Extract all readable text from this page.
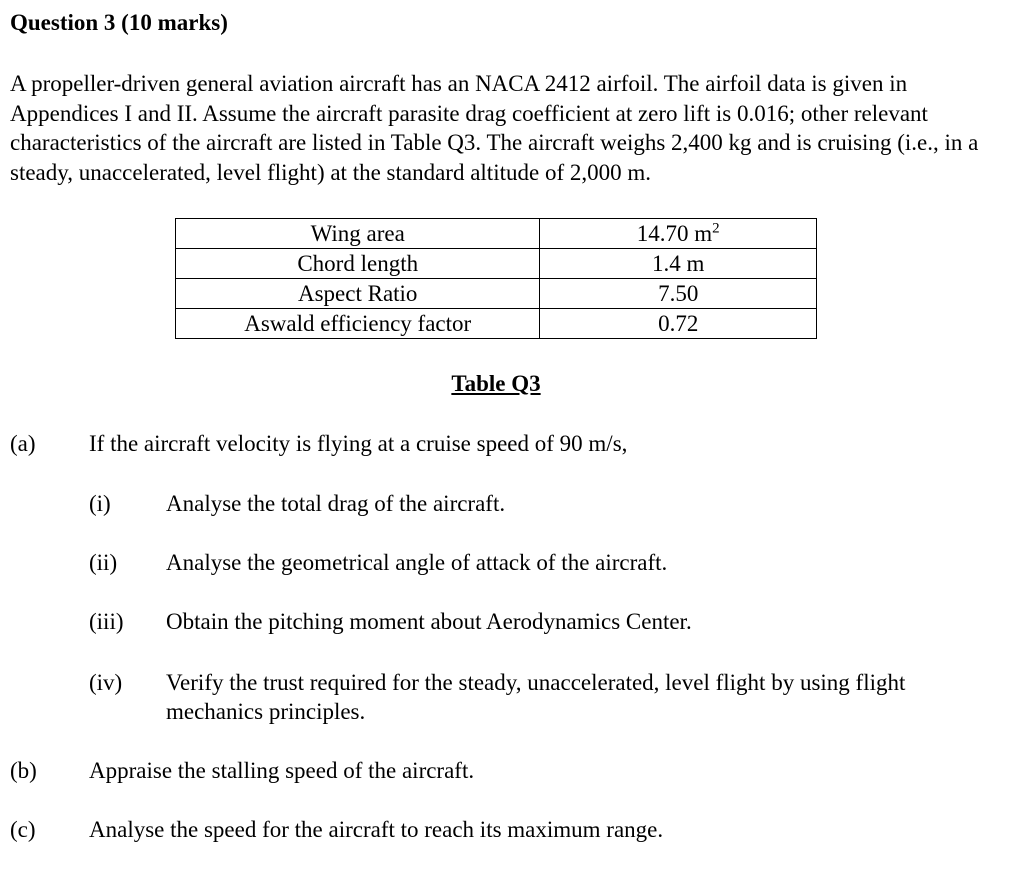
Question 3 (10 marks)

A propeller-driven general aviation aircraft has an NACA 2412 airfoil. The airfoil data is given in Appendices I and II. Assume the aircraft parasite drag coefficient at zero lift is 0.016; other relevant characteristics of the aircraft are listed in Table Q3. The aircraft weighs 2,400 kg and is cruising (i.e., in a steady, unaccelerated, level flight) at the standard altitude of 2,000 m.

Wing area	14.70 $m^2$
Chord length	1.4 m
Aspect Ratio	7.50
Aswald efficiency factor	0.72

Table Q3

(a) If the aircraft velocity is flying at a cruise speed of 90 m/s,
(i) Analyse the total drag of the aircraft.
(ii) Analyse the geometrical angle of attack of the aircraft.
(iii) Obtain the pitching moment about Aerodynamics Center.
(iv) Verify the trust required for the steady, unaccelerated, level flight by using flight mechanics principles.
(b) Appraise the stalling speed of the aircraft.
(c) Analyse the speed for the aircraft to reach its maximum range.
